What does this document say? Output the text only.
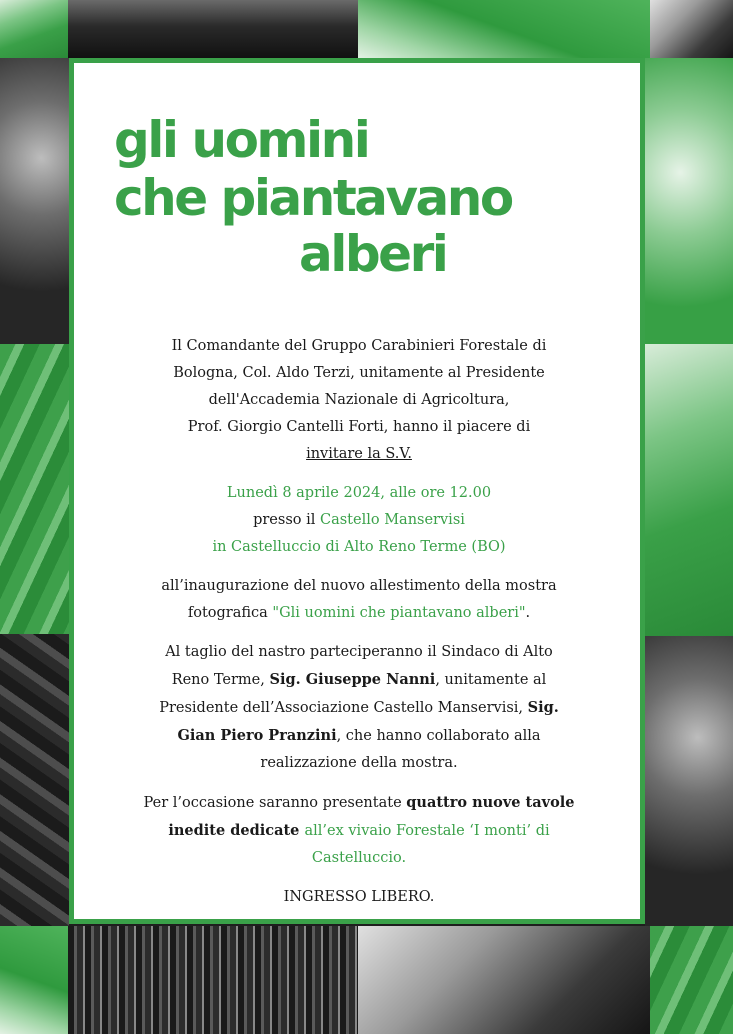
gli uomini
che piantavano
alberi

Il Comandante del Gruppo Carabinieri Forestale di

Bologna, Col. Aldo Terzi, unitamente al Presidente

dell'Accademia Nazionale di Agricoltura,

Prof. Giorgio Cantelli Forti, hanno il piacere di

invitare la S.V.

Lunedì 8 aprile 2024, alle ore 12.00

presso il Castello Manservisi

in Castelluccio di Alto Reno Terme (BO)

all’inaugurazione del nuovo allestimento della mostra

fotografica "Gli uomini che piantavano alberi".

Al taglio del nastro parteciperanno il Sindaco di Alto

Reno Terme, Sig. Giuseppe Nanni, unitamente al

Presidente dell’Associazione Castello Manservisi, Sig.

Gian Piero Pranzini, che hanno collaborato alla

realizzazione della mostra.

Per l’occasione saranno presentate quattro nuove tavole

inedite dedicate all’ex vivaio Forestale ‘I monti’ di

Castelluccio.

INGRESSO LIBERO.
